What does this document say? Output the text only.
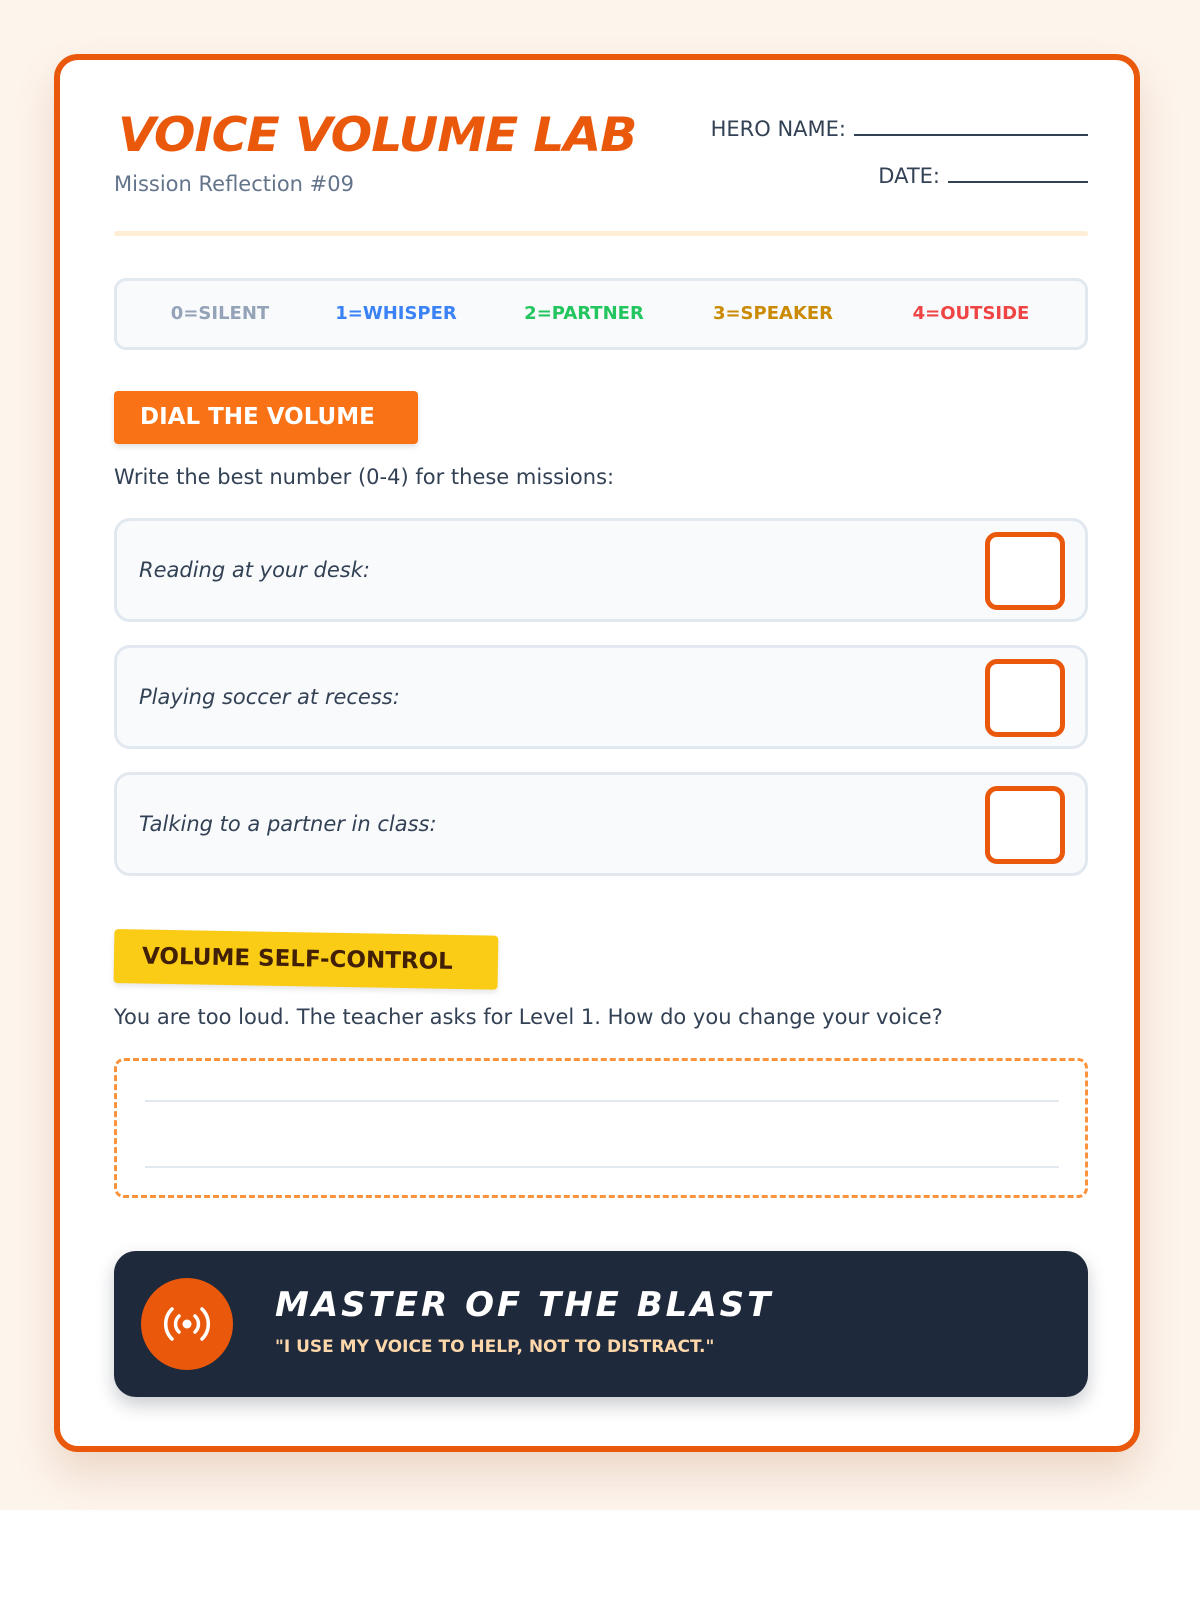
VOICE VOLUME LAB
Mission Reflection #09
HERO NAME:
DATE:
0=SILENT	1=WHISPER	2=PARTNER	3=SPEAKER	4=OUTSIDE
DIAL THE VOLUME
Write the best number (0-4) for these missions:
Reading at your desk:
Playing soccer at recess:
Talking to a partner in class:
VOLUME SELF-CONTROL
You are too loud. The teacher asks for Level 1. How do you change your voice?
MASTER OF THE BLAST
"I USE MY VOICE TO HELP, NOT TO DISTRACT."
